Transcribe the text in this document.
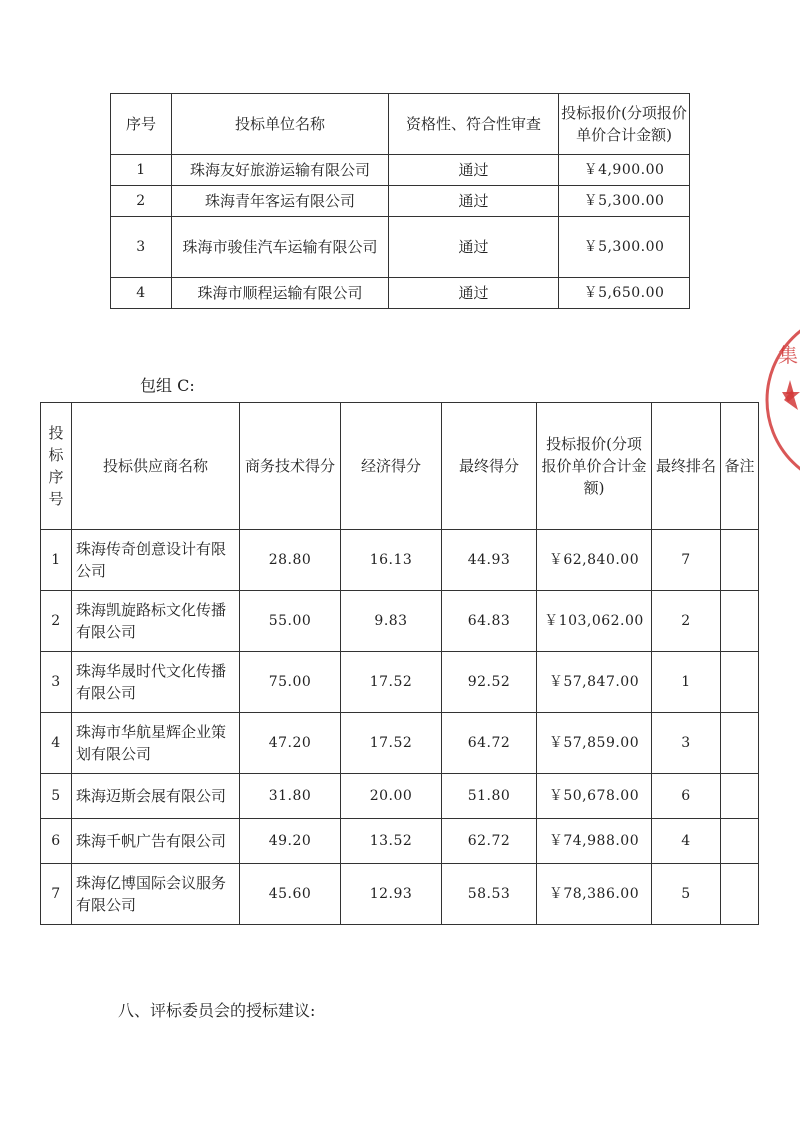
序号	投标单位名称	资格性、符合性审查	投标报价(分项报价单价合计金额)
1	珠海友好旅游运输有限公司	通过	￥4,900.00
2	珠海青年客运有限公司	通过	￥5,300.00
3	珠海市骏佳汽车运输有限公司	通过	￥5,300.00
4	珠海市顺程运输有限公司	通过	￥5,650.00
包组 C:
投标序号	投标供应商名称	商务技术得分	经济得分	最终得分	投标报价(分项报价单价合计金额)	最终排名	备注
1	珠海传奇创意设计有限公司	28.80	16.13	44.93	￥62,840.00	7	
2	珠海凯旋路标文化传播有限公司	55.00	9.83	64.83	￥103,062.00	2	
3	珠海华晟时代文化传播有限公司	75.00	17.52	92.52	￥57,847.00	1	
4	珠海市华航星辉企业策划有限公司	47.20	17.52	64.72	￥57,859.00	3	
5	珠海迈斯会展有限公司	31.80	20.00	51.80	￥50,678.00	6	
6	珠海千帆广告有限公司	49.20	13.52	62.72	￥74,988.00	4	
7	珠海亿博国际会议服务有限公司	45.60	12.93	58.53	￥78,386.00	5	
八、评标委员会的授标建议:
集
